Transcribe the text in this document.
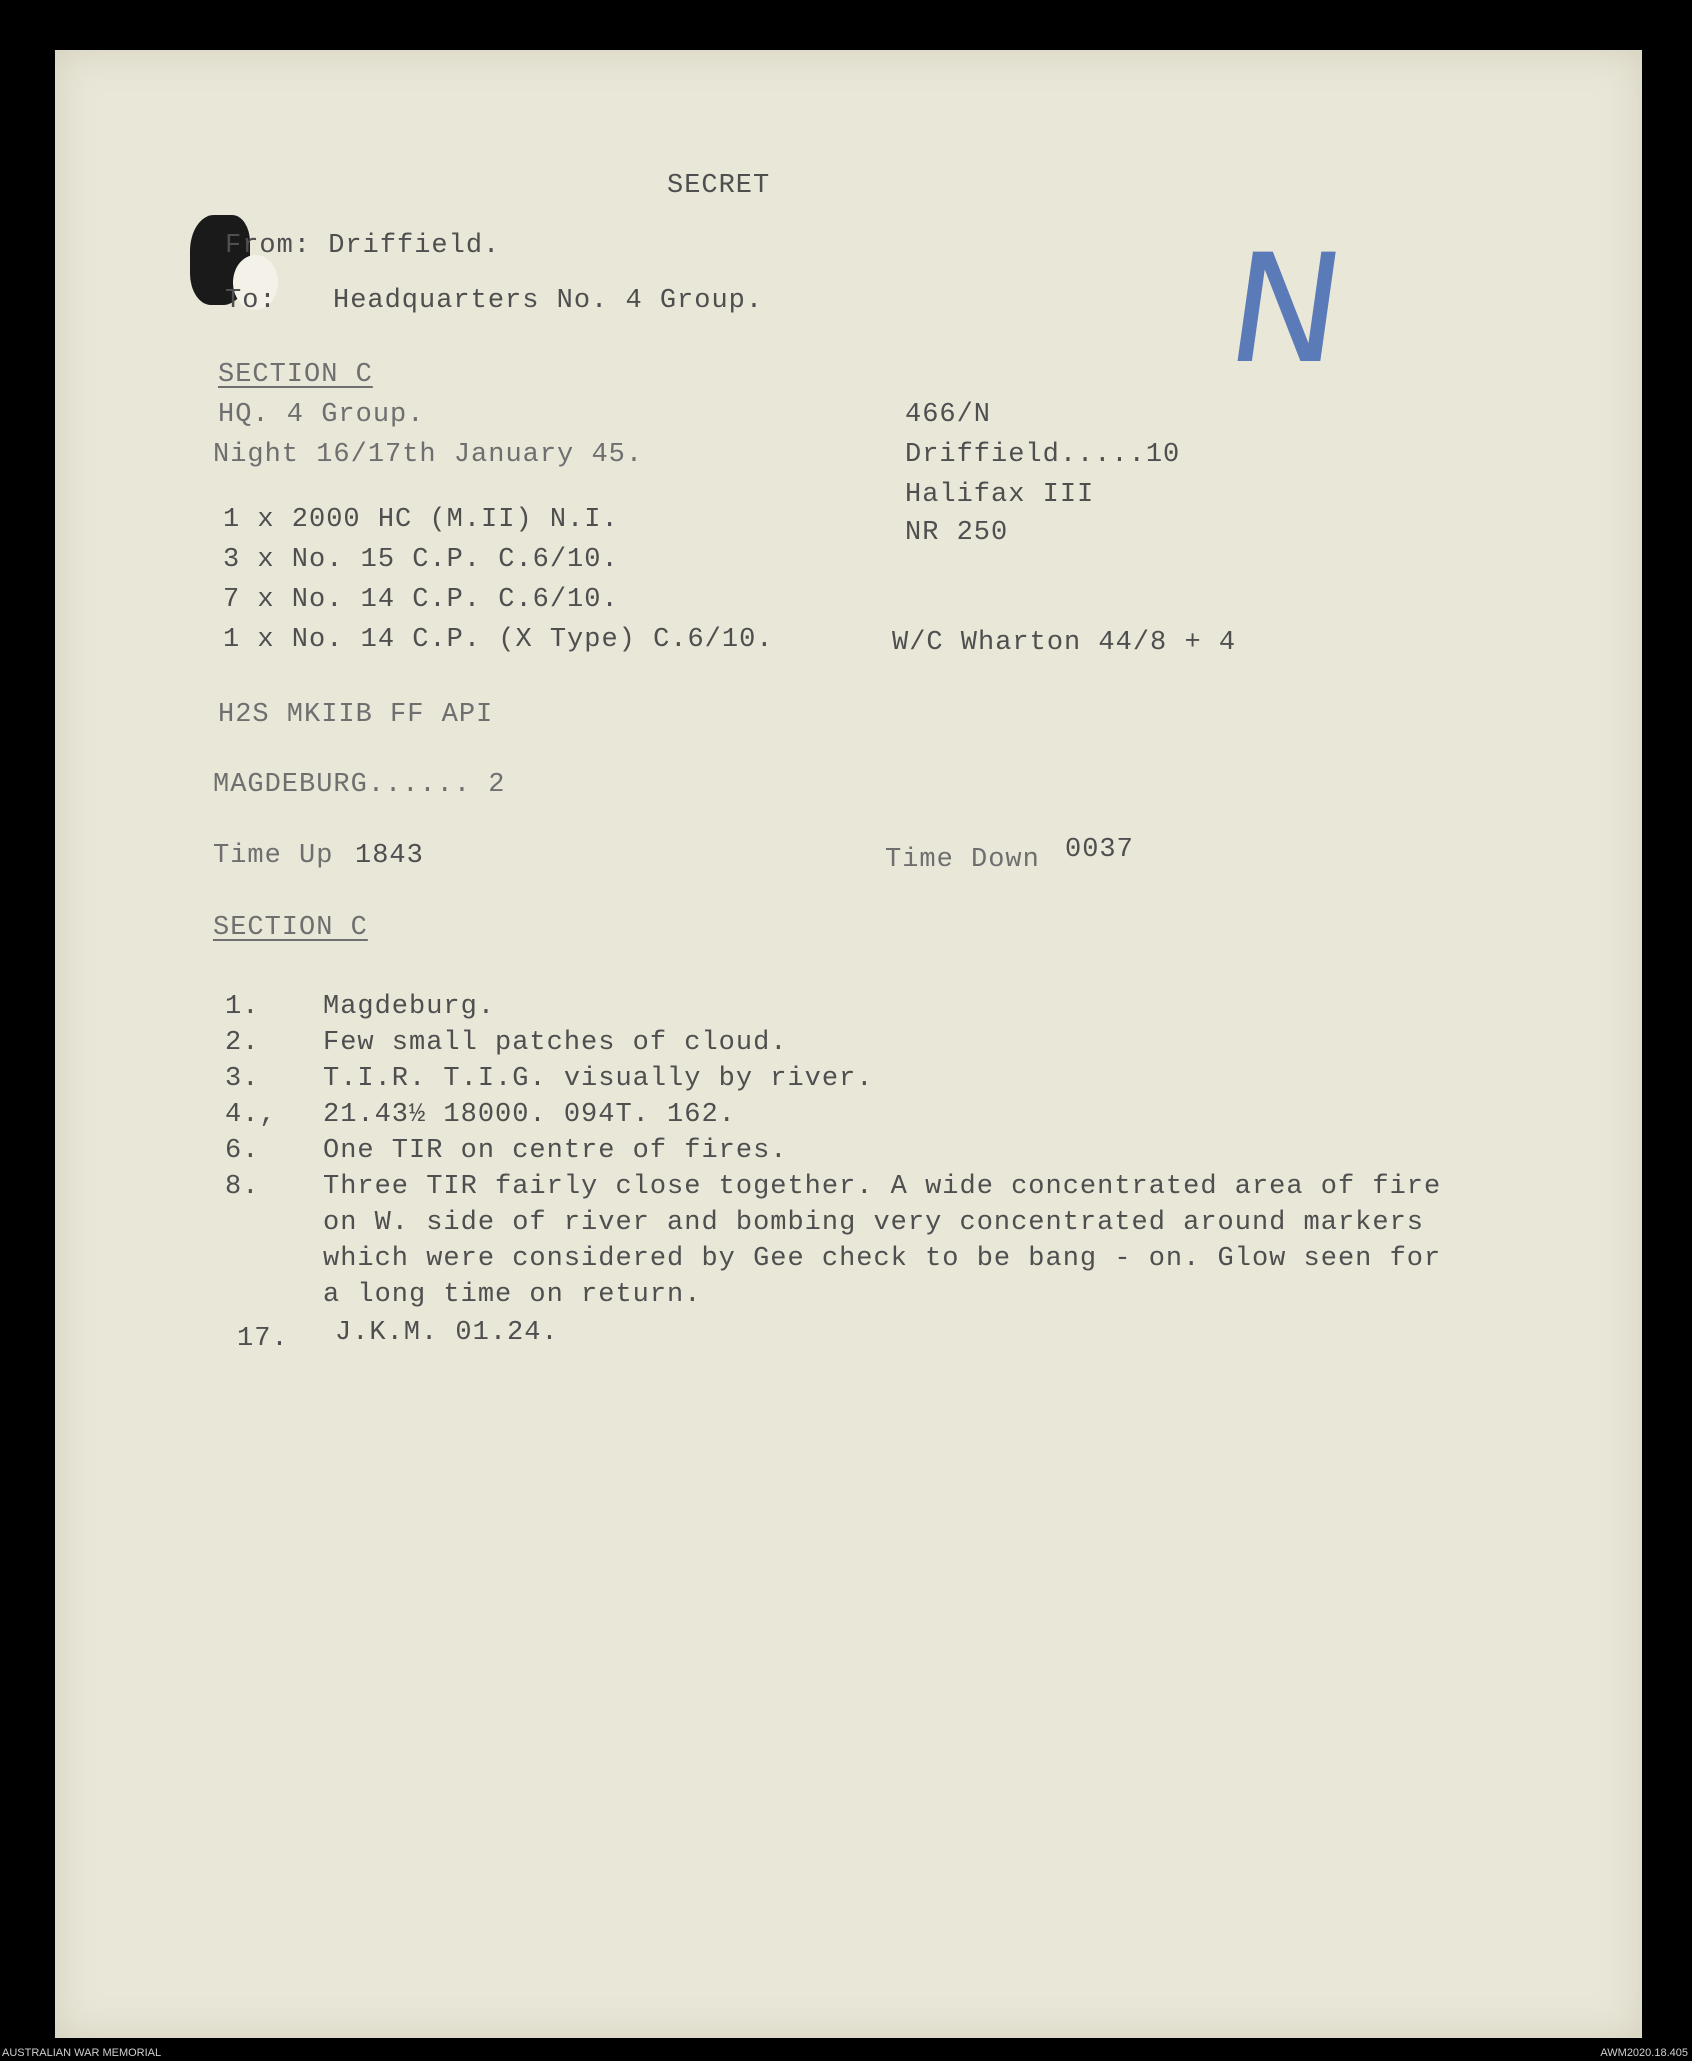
SECRET
From: Driffield.
To: Headquarters No. 4 Group.	N
SECTION C
HQ. 4 Group.
Night 16/17th January 45.
1 x 2000 HC (M.II) N.I.
3 x No. 15 C.P. C.6/10.
7 x No. 14 C.P. C.6/10.
1 x No. 14 C.P. (X Type) C.6/10.
466/N
Driffield.....10
Halifax III
NR 250
W/C Wharton 44/8 + 4
H2S MKIIB FF API
MAGDEBURG...... 2
Time Up 1843	Time Down 0037
SECTION C
1. Magdeburg.
2. Few small patches of cloud.
3. T.I.R. T.I.G. visually by river.
4., 21.43½ 18000. 094T. 162.
6. One TIR on centre of fires.
8. Three TIR fairly close together. A wide concentrated area of fire
on W. side of river and bombing very concentrated around markers
which were considered by Gee check to be bang - on. Glow seen for
a long time on return.
17. J.K.M. 01.24.
AUSTRALIAN WAR MEMORIAL	AWM2020.18.405
